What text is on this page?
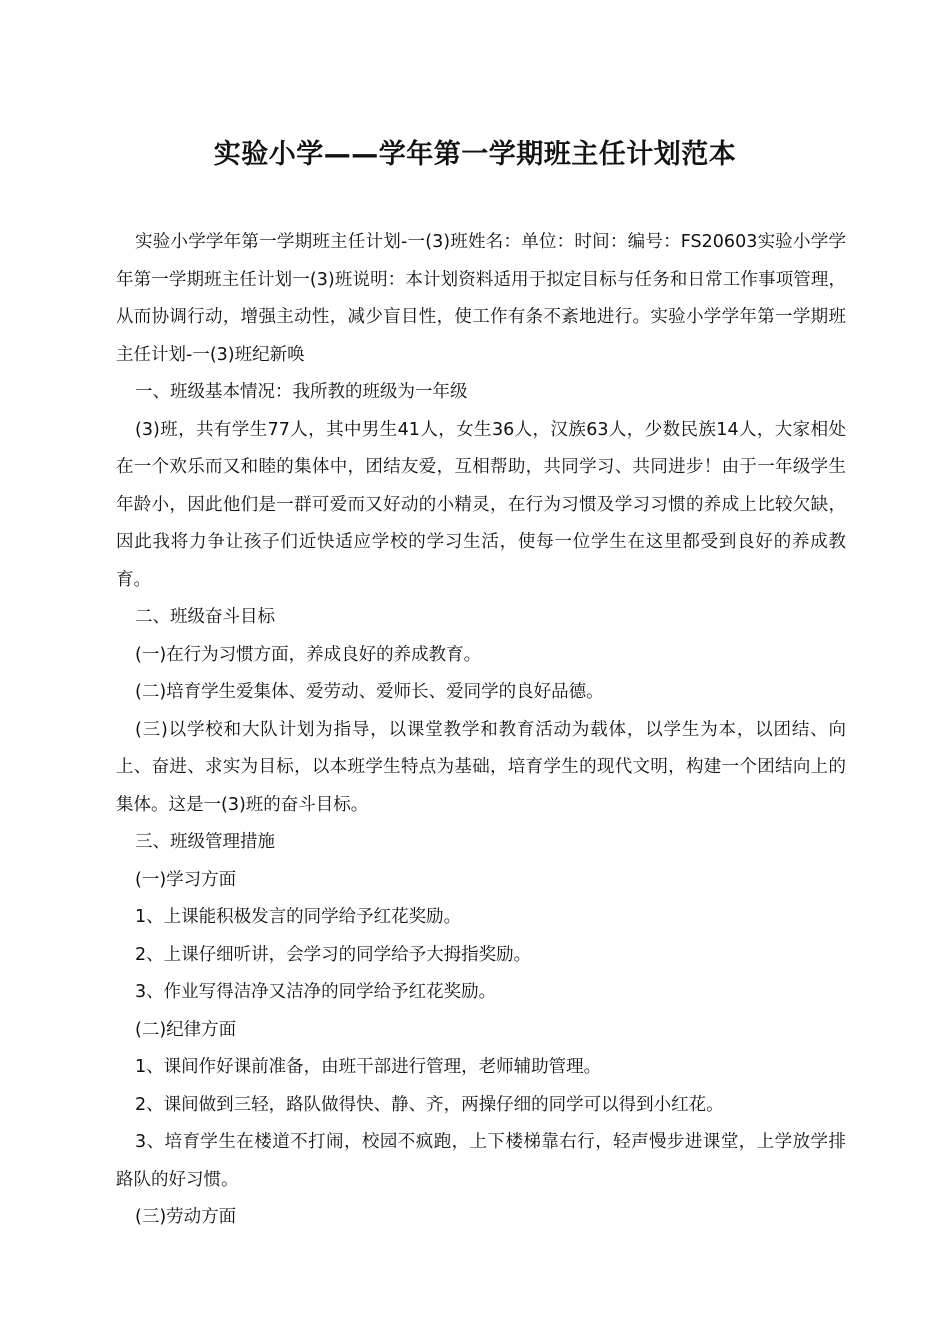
实验小学——学年第一学期班主任计划范本

实验小学学年第一学期班主任计划-一(3)班姓名：单位：时间：编号：FS20603实验小学学年第一学期班主任计划一(3)班说明：本计划资料适用于拟定目标与任务和日常工作事项管理，从而协调行动，增强主动性，减少盲目性，使工作有条不紊地进行。实验小学学年第一学期班主任计划-一(3)班纪新唤

一、班级基本情况：我所教的班级为一年级

(3)班，共有学生77人，其中男生41人，女生36人，汉族63人，少数民族14人，大家相处在一个欢乐而又和睦的集体中，团结友爱，互相帮助，共同学习、共同进步！由于一年级学生年龄小，因此他们是一群可爱而又好动的小精灵，在行为习惯及学习习惯的养成上比较欠缺，因此我将力争让孩子们近快适应学校的学习生活，使每一位学生在这里都受到良好的养成教育。

二、班级奋斗目标

(一)在行为习惯方面，养成良好的养成教育。

(二)培育学生爱集体、爱劳动、爱师长、爱同学的良好品德。

(三)以学校和大队计划为指导，以课堂教学和教育活动为载体，以学生为本，以团结、向上、奋进、求实为目标，以本班学生特点为基础，培育学生的现代文明，构建一个团结向上的集体。这是一(3)班的奋斗目标。

三、班级管理措施

(一)学习方面

1、上课能积极发言的同学给予红花奖励。

2、上课仔细听讲，会学习的同学给予大拇指奖励。

3、作业写得洁净又洁净的同学给予红花奖励。

(二)纪律方面

1、课间作好课前准备，由班干部进行管理，老师辅助管理。

2、课间做到三轻，路队做得快、静、齐，两操仔细的同学可以得到小红花。

3、培育学生在楼道不打闹，校园不疯跑，上下楼梯靠右行，轻声慢步进课堂，上学放学排路队的好习惯。

(三)劳动方面
